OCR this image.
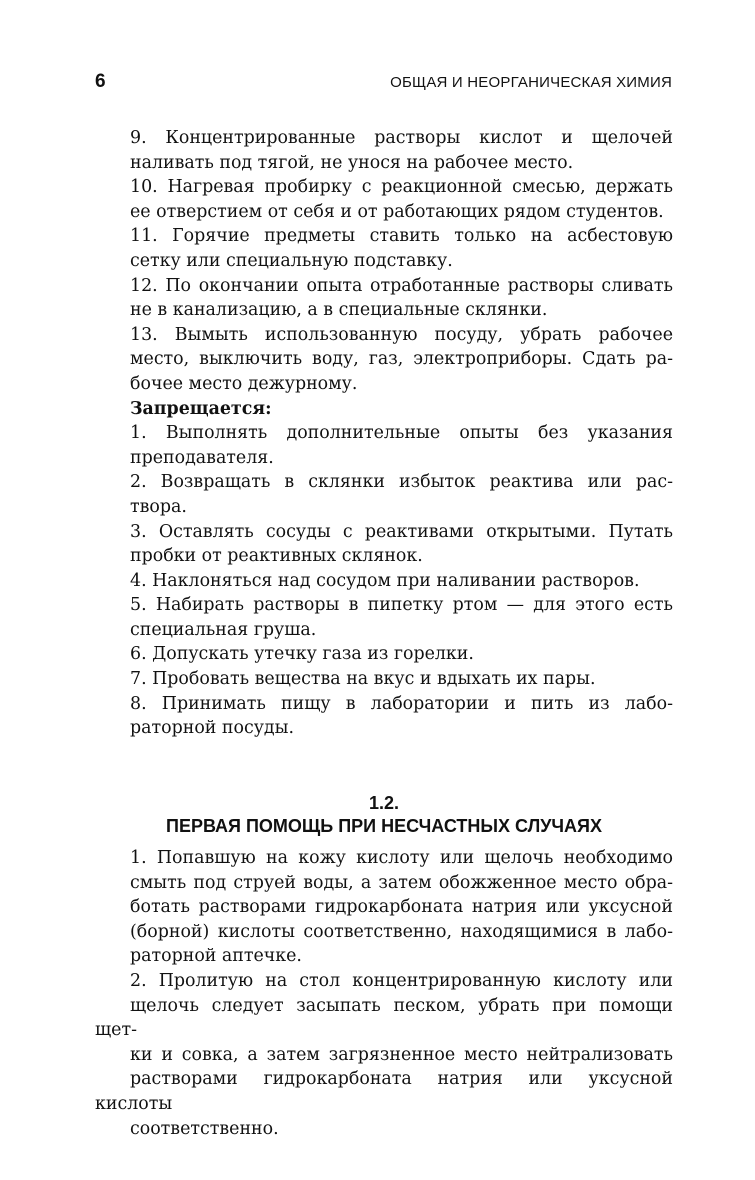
6	ОБЩАЯ И НЕОРГАНИЧЕСКАЯ ХИМИЯ

9. Концентрированные растворы кислот и щелочей
наливать под тягой, не унося на рабочее место.

10. Нагревая пробирку с реакционной смесью, держать
ее отверстием от себя и от работающих рядом студентов.

11. Горячие предметы ставить только на асбестовую
сетку или специальную подставку.

12. По окончании опыта отработанные растворы сливать
не в канализацию, а в специальные склянки.

13. Вымыть использованную посуду, убрать рабочее
место, выключить воду, газ, электроприборы. Сдать ра-
бочее место дежурному.

Запрещается:

1. Выполнять дополнительные опыты без указания
преподавателя.

2. Возвращать в склянки избыток реактива или рас-
твора.

3. Оставлять сосуды с реактивами открытыми. Путать
пробки от реактивных склянок.

4. Наклоняться над сосудом при наливании растворов.

5. Набирать растворы в пипетку ртом — для этого есть
специальная груша.

6. Допускать утечку газа из горелки.

7. Пробовать вещества на вкус и вдыхать их пары.

8. Принимать пищу в лаборатории и пить из лабо-
раторной посуды.

1.2.
ПЕРВАЯ ПОМОЩЬ ПРИ НЕСЧАСТНЫХ СЛУЧАЯХ

1. Попавшую на кожу кислоту или щелочь необходимо
смыть под струей воды, а затем обожженное место обра-
ботать растворами гидрокарбоната натрия или уксусной
(борной) кислоты соответственно, находящимися в лабо-
раторной аптечке.

2. Пролитую на стол концентрированную кислоту или
щелочь следует засыпать песком, убрать при помощи щет-
ки и совка, а затем загрязненное место нейтрализовать
растворами гидрокарбоната натрия или уксусной кислоты
соответственно.
